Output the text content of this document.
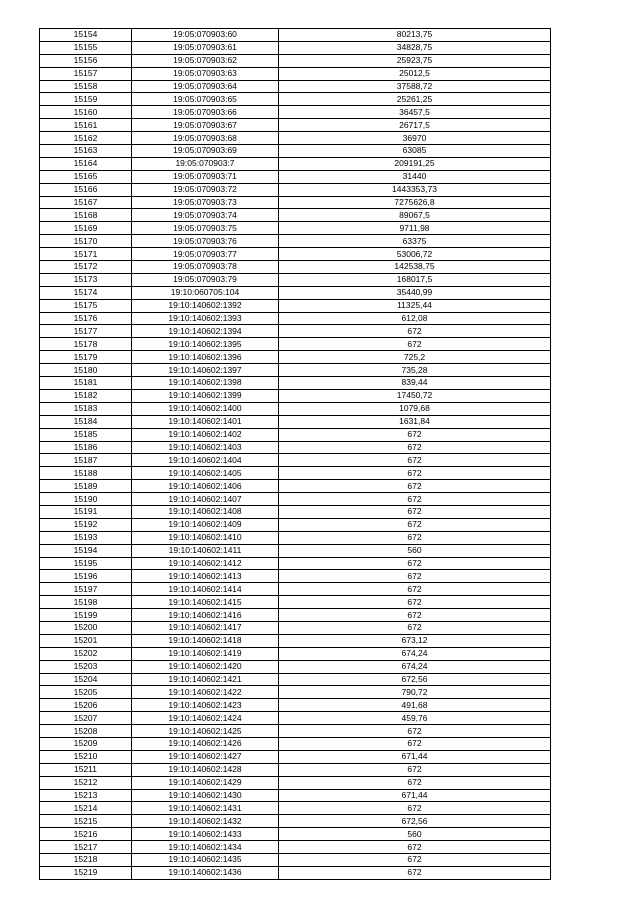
15154	19:05:070903:60	80213,75
15155	19:05:070903:61	34828,75
15156	19:05:070903:62	25923,75
15157	19:05:070903:63	25012,5
15158	19:05:070903:64	37588,72
15159	19:05:070903:65	25261,25
15160	19:05:070903:66	36457,5
15161	19:05:070903:67	26717,5
15162	19:05:070903:68	36970
15163	19:05:070903:69	63085
15164	19:05:070903:7	209191,25
15165	19:05:070903:71	31440
15166	19:05:070903:72	1443353,73
15167	19:05:070903:73	7275626,8
15168	19:05:070903:74	89067,5
15169	19:05:070903:75	9711,98
15170	19:05:070903:76	63375
15171	19:05:070903:77	53006,72
15172	19:05:070903:78	142538,75
15173	19:05:070903:79	168017,5
15174	19:10:060705:104	35440,99
15175	19:10:140602:1392	11325,44
15176	19:10:140602:1393	612,08
15177	19:10:140602:1394	672
15178	19:10:140602:1395	672
15179	19:10:140602:1396	725,2
15180	19:10:140602:1397	735,28
15181	19:10:140602:1398	839,44
15182	19:10:140602:1399	17450,72
15183	19:10:140602:1400	1079,68
15184	19:10:140602:1401	1631,84
15185	19:10:140602:1402	672
15186	19:10:140602:1403	672
15187	19:10:140602:1404	672
15188	19:10:140602:1405	672
15189	19:10:140602:1406	672
15190	19:10:140602:1407	672
15191	19:10:140602:1408	672
15192	19:10:140602:1409	672
15193	19:10:140602:1410	672
15194	19:10:140602:1411	560
15195	19:10:140602:1412	672
15196	19:10:140602:1413	672
15197	19:10:140602:1414	672
15198	19:10:140602:1415	672
15199	19:10:140602:1416	672
15200	19:10:140602:1417	672
15201	19:10:140602:1418	673,12
15202	19:10:140602:1419	674,24
15203	19:10:140602:1420	674,24
15204	19:10:140602:1421	672,56
15205	19:10:140602:1422	790,72
15206	19:10:140602:1423	491,68
15207	19:10:140602:1424	459,76
15208	19:10:140602:1425	672
15209	19:10:140602:1426	672
15210	19:10:140602:1427	671,44
15211	19:10:140602:1428	672
15212	19:10:140602:1429	672
15213	19:10:140602:1430	671,44
15214	19:10:140602:1431	672
15215	19:10:140602:1432	672,56
15216	19:10:140602:1433	560
15217	19:10:140602:1434	672
15218	19:10:140602:1435	672
15219	19:10:140602:1436	672
